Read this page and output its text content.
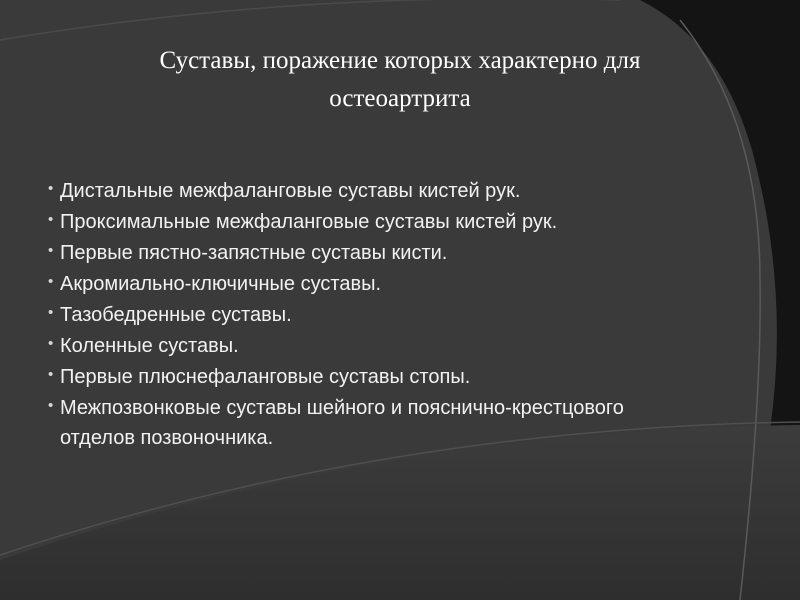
Суставы, поражение которых характерно для
остеоартрита
• Дистальные межфаланговые суставы кистей рук.
• Проксимальные межфаланговые суставы кистей рук.
• Первые пястно-запястные суставы кисти.
• Акромиально-ключичные суставы.
• Тазобедренные суставы.
• Коленные суставы.
• Первые плюснефаланговые суставы стопы.
• Межпозвонковые суставы шейного и пояснично-крестцового отделов позвоночника.
